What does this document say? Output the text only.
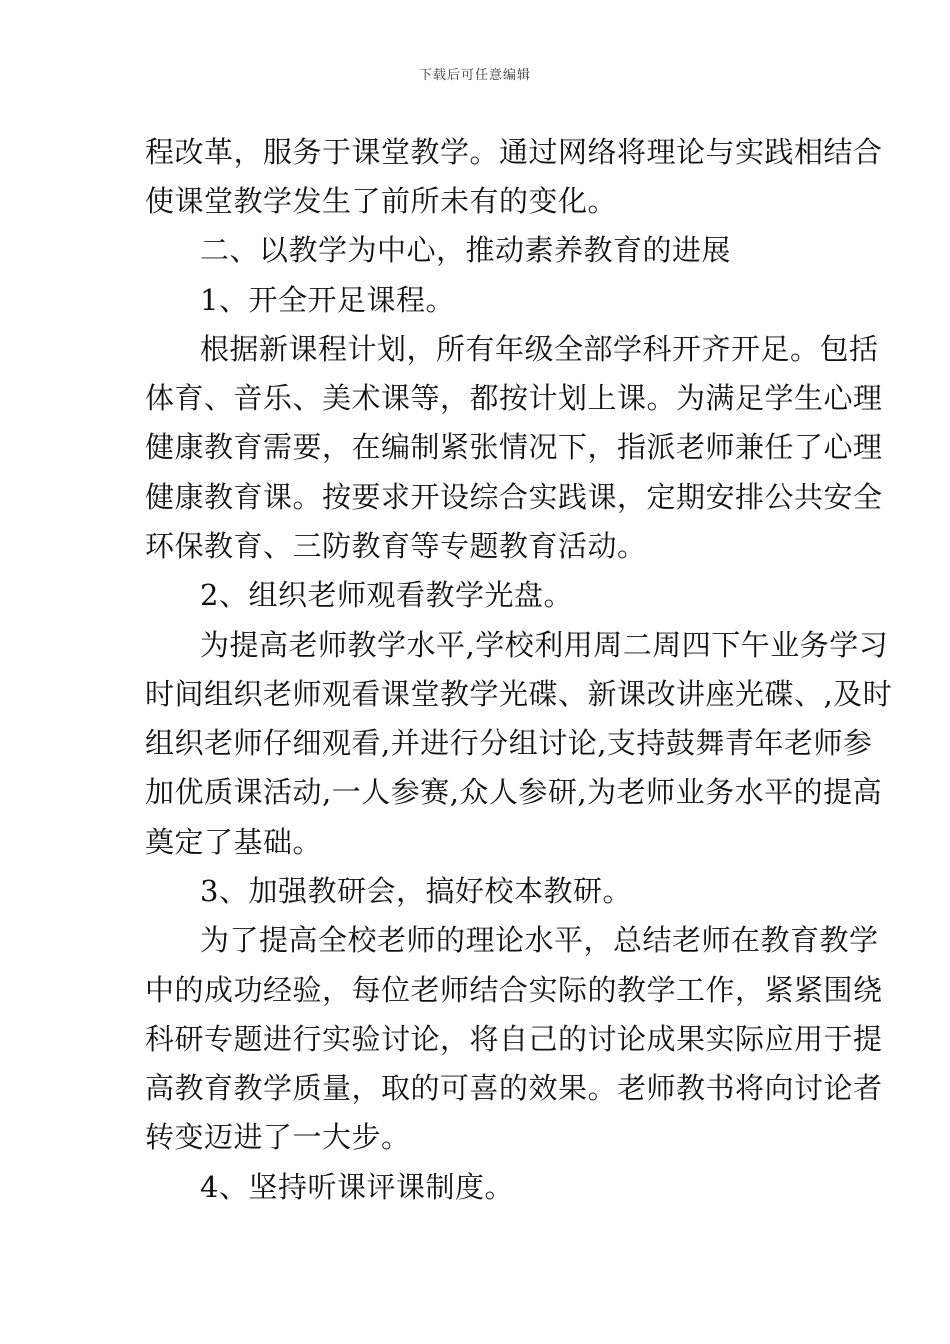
下载后可任意编辑
程改革，服务于课堂教学。通过网络将理论与实践相结合
使课堂教学发生了前所未有的变化。
二、以教学为中心，推动素养教育的进展
1、开全开足课程。
根据新课程计划，所有年级全部学科开齐开足。包括
体育、音乐、美术课等，都按计划上课。为满足学生心理
健康教育需要，在编制紧张情况下，指派老师兼任了心理
健康教育课。按要求开设综合实践课，定期安排公共安全
环保教育、三防教育等专题教育活动。
2、组织老师观看教学光盘。
为提高老师教学水平,学校利用周二周四下午业务学习
时间组织老师观看课堂教学光碟、新课改讲座光碟、,及时
组织老师仔细观看,并进行分组讨论,支持鼓舞青年老师参
加优质课活动,一人参赛,众人参研,为老师业务水平的提高
奠定了基础。
3、加强教研会，搞好校本教研。
为了提高全校老师的理论水平，总结老师在教育教学
中的成功经验，每位老师结合实际的教学工作，紧紧围绕
科研专题进行实验讨论，将自己的讨论成果实际应用于提
高教育教学质量，取的可喜的效果。老师教书将向讨论者
转变迈进了一大步。
4、坚持听课评课制度。
